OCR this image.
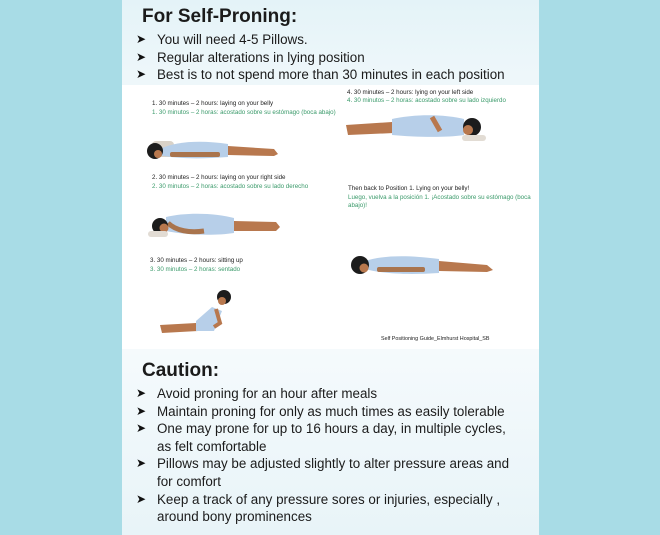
For Self-Proning:
➤ You will need 4-5 Pillows.
➤ Regular alterations in lying position
➤ Best is to not spend more than 30 minutes in each position
1. 30 minutes – 2 hours: laying on your belly
1. 30 minutos – 2 horas: acostado sobre su estómago (boca abajo)
2. 30 minutes – 2 hours: laying on your right side
2. 30 minutos – 2 horas: acostado sobre su lado derecho
3. 30 minutes – 2 hours: sitting up
3. 30 minutos – 2 horas: sentado
4. 30 minutes – 2 hours: lying on your left side
4. 30 minutos – 2 horas: acostado sobre su lado izquierdo
Then back to Position 1. Lying on your belly!
Luego, vuelva a la posición 1. ¡Acostado sobre su estómago (boca abajo)!
Self Positioning Guide_Elmhurst Hospital_SB
Caution:
➤ Avoid proning for an hour after meals
➤ Maintain proning for only as much times as easily tolerable
➤ One may prone for up to 16 hours a day, in multiple cycles, as felt comfortable
➤ Pillows may be adjusted slightly to alter pressure areas and for comfort
➤ Keep a track of any pressure sores or injuries, especially , around bony prominences
